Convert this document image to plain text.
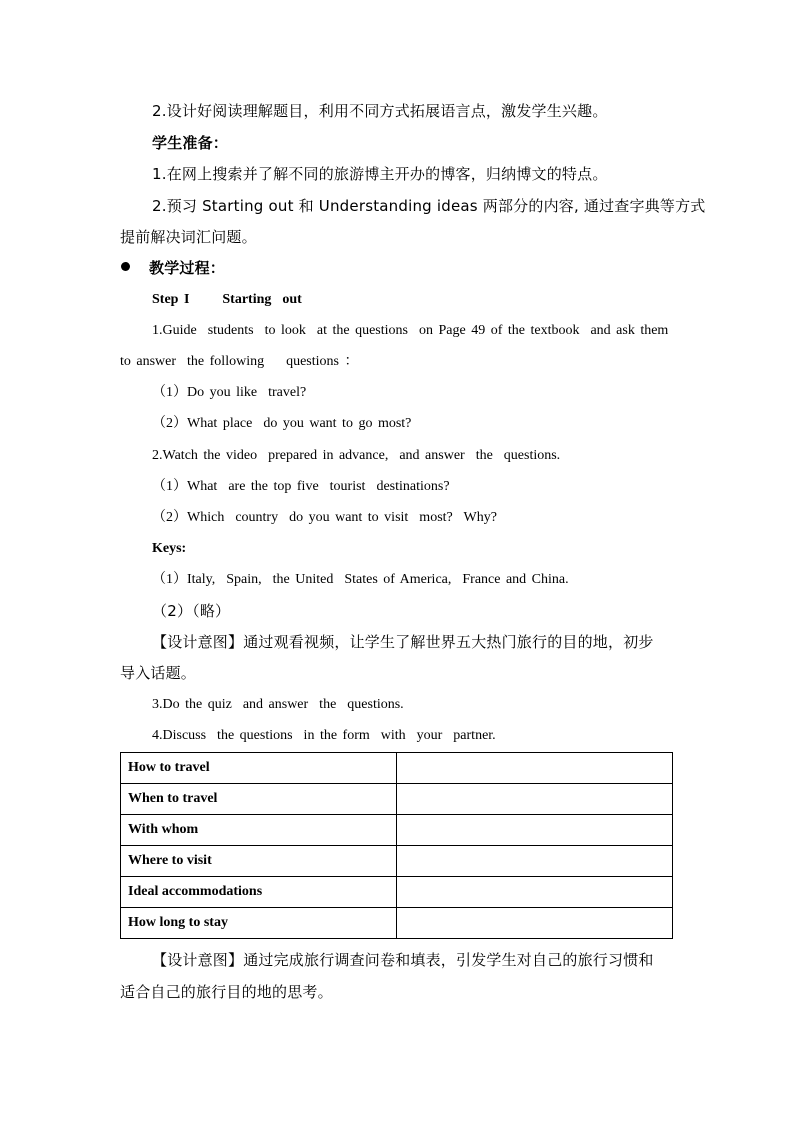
2.设计好阅读理解题目，利用不同方式拓展语言点，激发学生兴趣。
学生准备：
1.在网上搜索并了解不同的旅游博主开办的博客，归纳博文的特点。
2.预习 Starting out 和 Understanding ideas 两部分的内容, 通过查字典等方式
提前解决词汇问题。
教学过程：
Step I      Starting  out
1.Guide  students  to look  at the questions  on Page 49 of the textbook  and ask them
to answer  the following    questions ：
（1）Do you like  travel?
（2）What place  do you want to go most?
2.Watch the video  prepared in advance,  and answer  the  questions.
（1）What  are the top five  tourist  destinations?
（2）Which  country  do you want to visit  most?  Why?
Keys:
（1）Italy,  Spain,  the United  States of America,  France and China.
（2）（略）
【设计意图】通过观看视频，让学生了解世界五大热门旅行的目的地，初步
导入话题。
3.Do the quiz  and answer  the  questions.
4.Discuss  the questions  in the form  with  your  partner.
How to travel	
When to travel	
With whom	
Where to visit	
Ideal accommodations	
How long to stay	
【设计意图】通过完成旅行调查问卷和填表，引发学生对自己的旅行习惯和
适合自己的旅行目的地的思考。
